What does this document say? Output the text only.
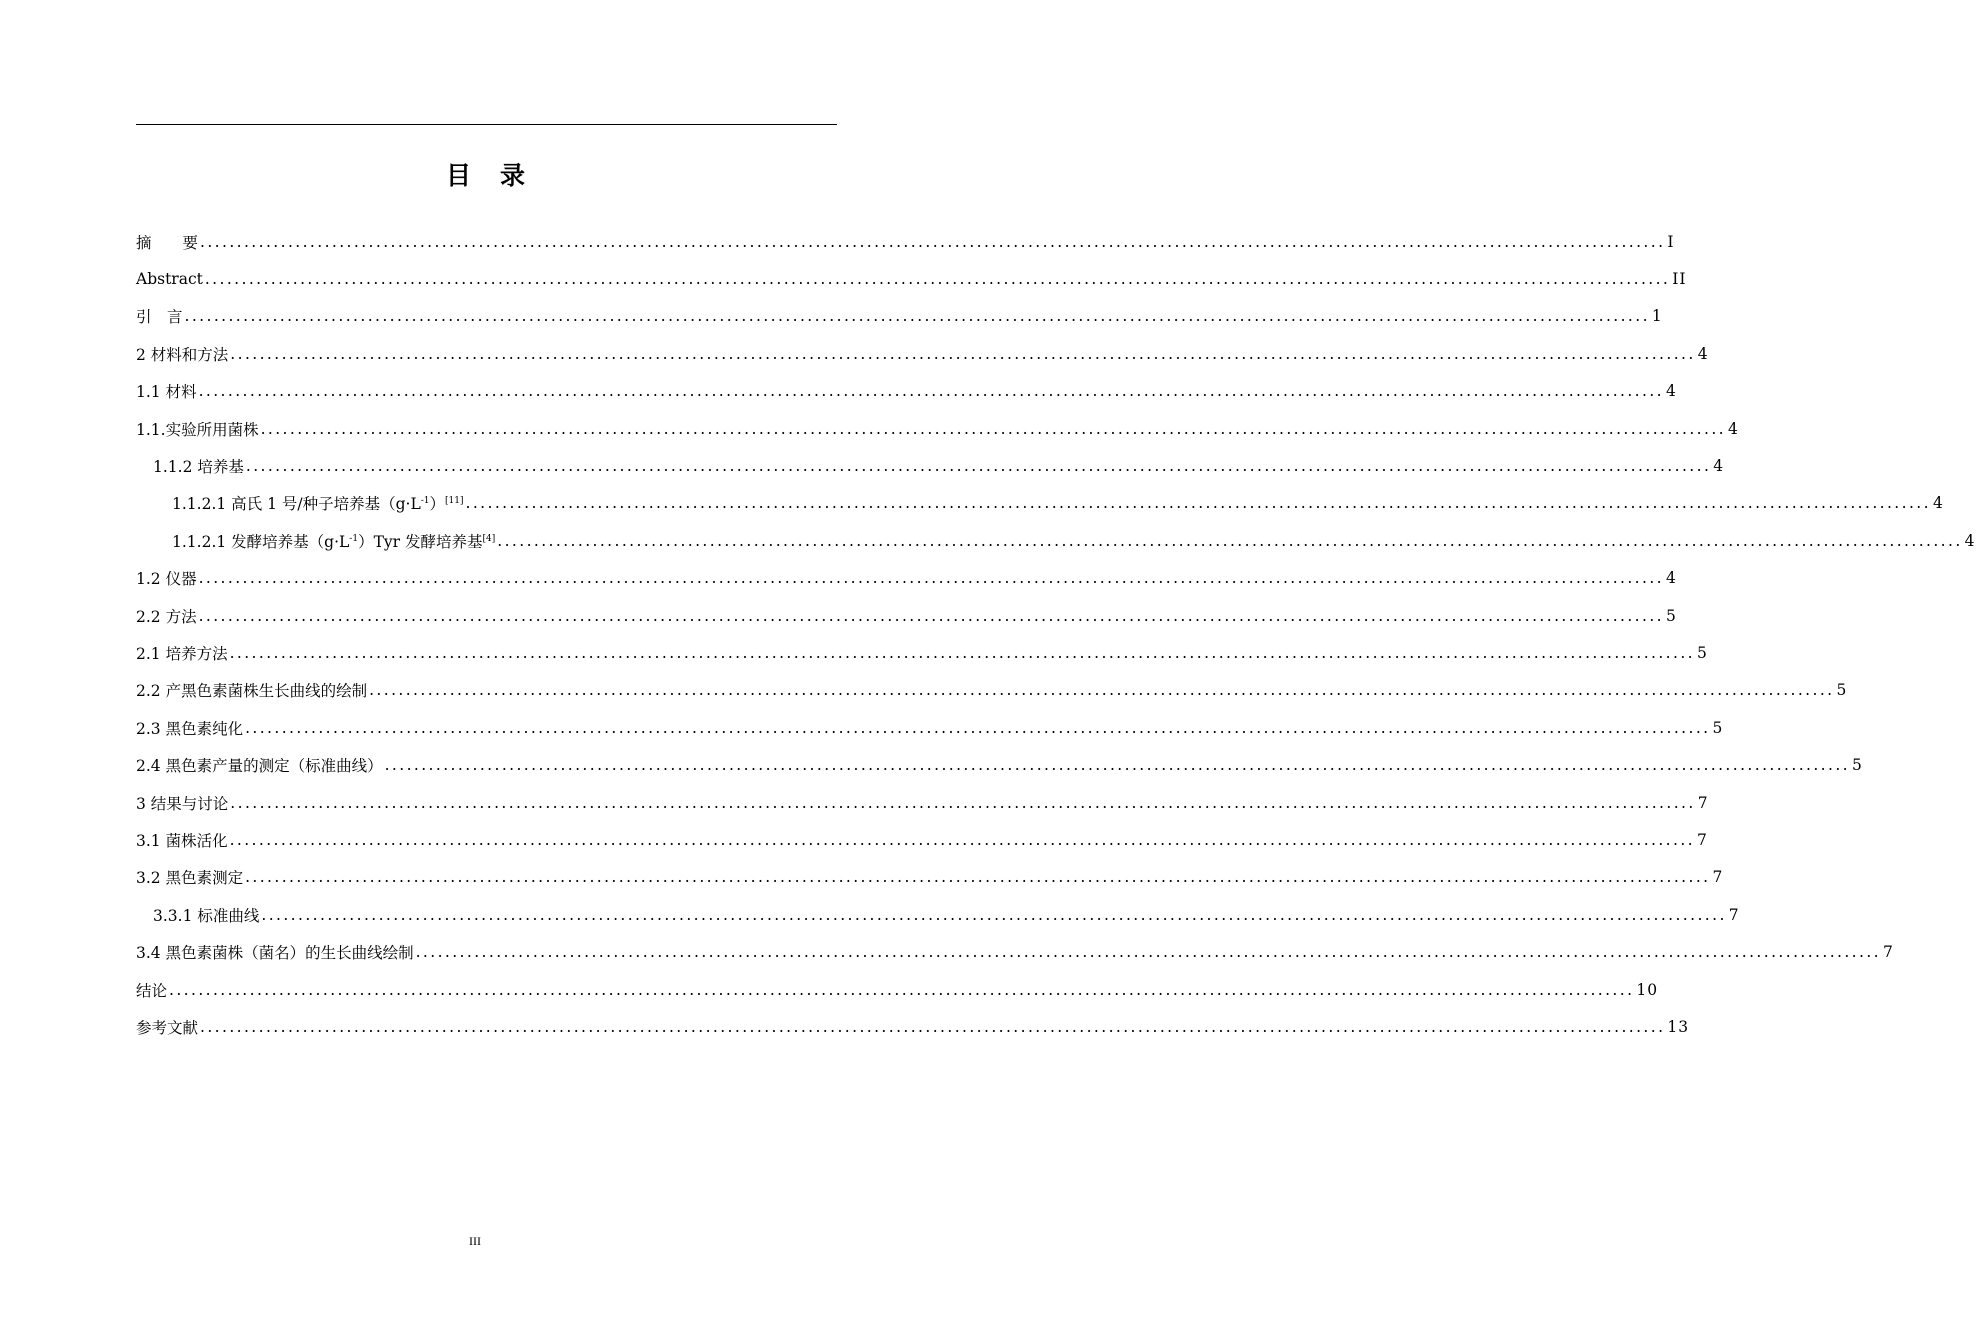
目　录
摘　　要 ........................................................................................................................................................................................................ I
Abstract ........................................................................................................................................................................................................ II
引　言 ........................................................................................................................................................................................................ 1
2 材料和方法 ........................................................................................................................................................................................................ 4
1.1 材料 ........................................................................................................................................................................................................ 4
1.1.实验所用菌株 ........................................................................................................................................................................................................ 4
1.1.2 培养基 ........................................................................................................................................................................................................ 4
1.1.2.1 高氏 1 号/种子培养基$(g\cdot L^{-1})[11]$ ........................................................................................................................................................................................................ 4
1.1.2.1 发酵培养基$(g\cdot L^{-1})Tyr$ 发酵培养基[4] ........................................................................................................................................................................................................ 4
1.2 仪器 ........................................................................................................................................................................................................ 4
2.2 方法 ........................................................................................................................................................................................................ 5
2.1 培养方法 ........................................................................................................................................................................................................ 5
2.2 产黑色素菌株生长曲线的绘制 ........................................................................................................................................................................................................ 5
2.3 黑色素纯化 ........................................................................................................................................................................................................ 5
2.4 黑色素产量的测定（标准曲线） ........................................................................................................................................................................................................ 5
3 结果与讨论 ........................................................................................................................................................................................................ 7
3.1 菌株活化 ........................................................................................................................................................................................................ 7
3.2 黑色素测定 ........................................................................................................................................................................................................ 7
3.3.1 标准曲线 ........................................................................................................................................................................................................ 7
3.4 黑色素菌株（菌名）的生长曲线绘制 ........................................................................................................................................................................................................ 7
结论 ........................................................................................................................................................................................................ 10
参考文献 ........................................................................................................................................................................................................ 13
III
